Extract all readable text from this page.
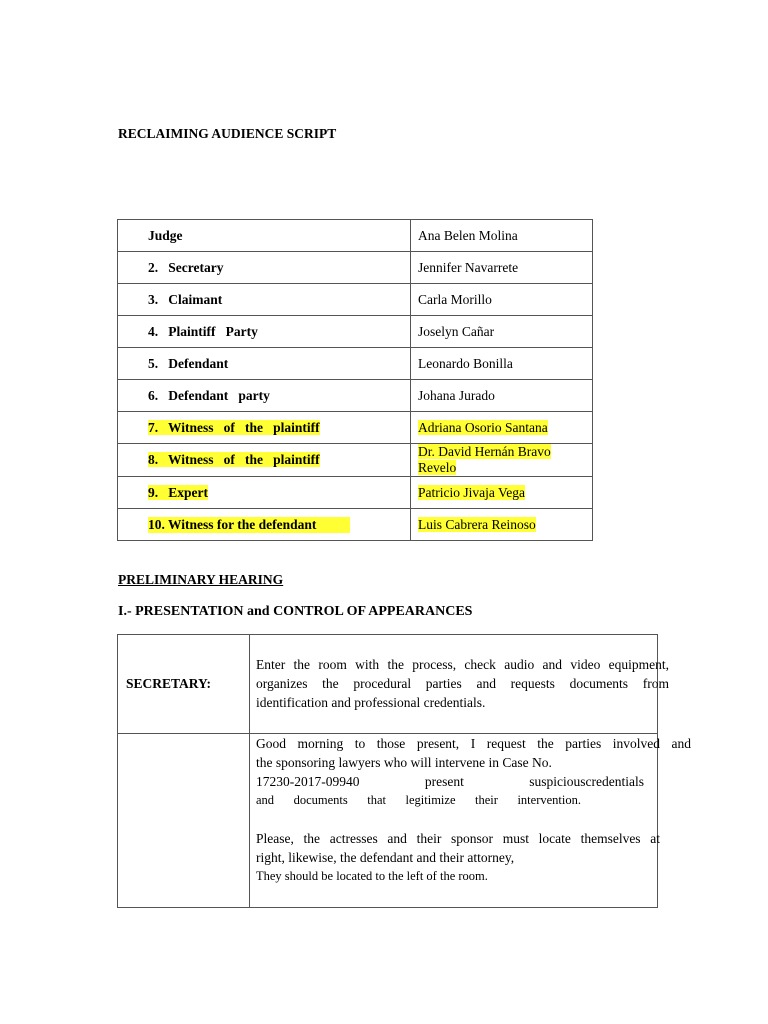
RECLAIMING AUDIENCE SCRIPT
Judge	Ana Belen Molina
2.   Secretary	Jennifer Navarrete
3.   Claimant	Carla Morillo
4.   Plaintiff   Party	Joselyn Cañar
5.   Defendant	Leonardo Bonilla
6.   Defendant   party	Johana Jurado
7.   Witness   of   the   plaintiff	Adriana Osorio Santana
8.   Witness   of   the   plaintiff	Dr. David Hernán Bravo Revelo
9.   Expert	Patricio Jivaja Vega
10. Witness for the defendant	Luis Cabrera Reinoso
PRELIMINARY HEARING
I.- PRESENTATION and CONTROL OF APPEARANCES
SECRETARY:
Enter the room with the process, check audio and video equipment,
organizes the procedural parties and requests documents from
identification and professional credentials.
Good morning to those present, I request the parties involved and
the sponsoring lawyers who will intervene in Case No.
17230-2017-09940 present suspiciouscredentials
and documents that legitimize their intervention.
Please, the actresses and their sponsor must locate themselves at
right, likewise, the defendant and their attorney,
They should be located to the left of the room.
